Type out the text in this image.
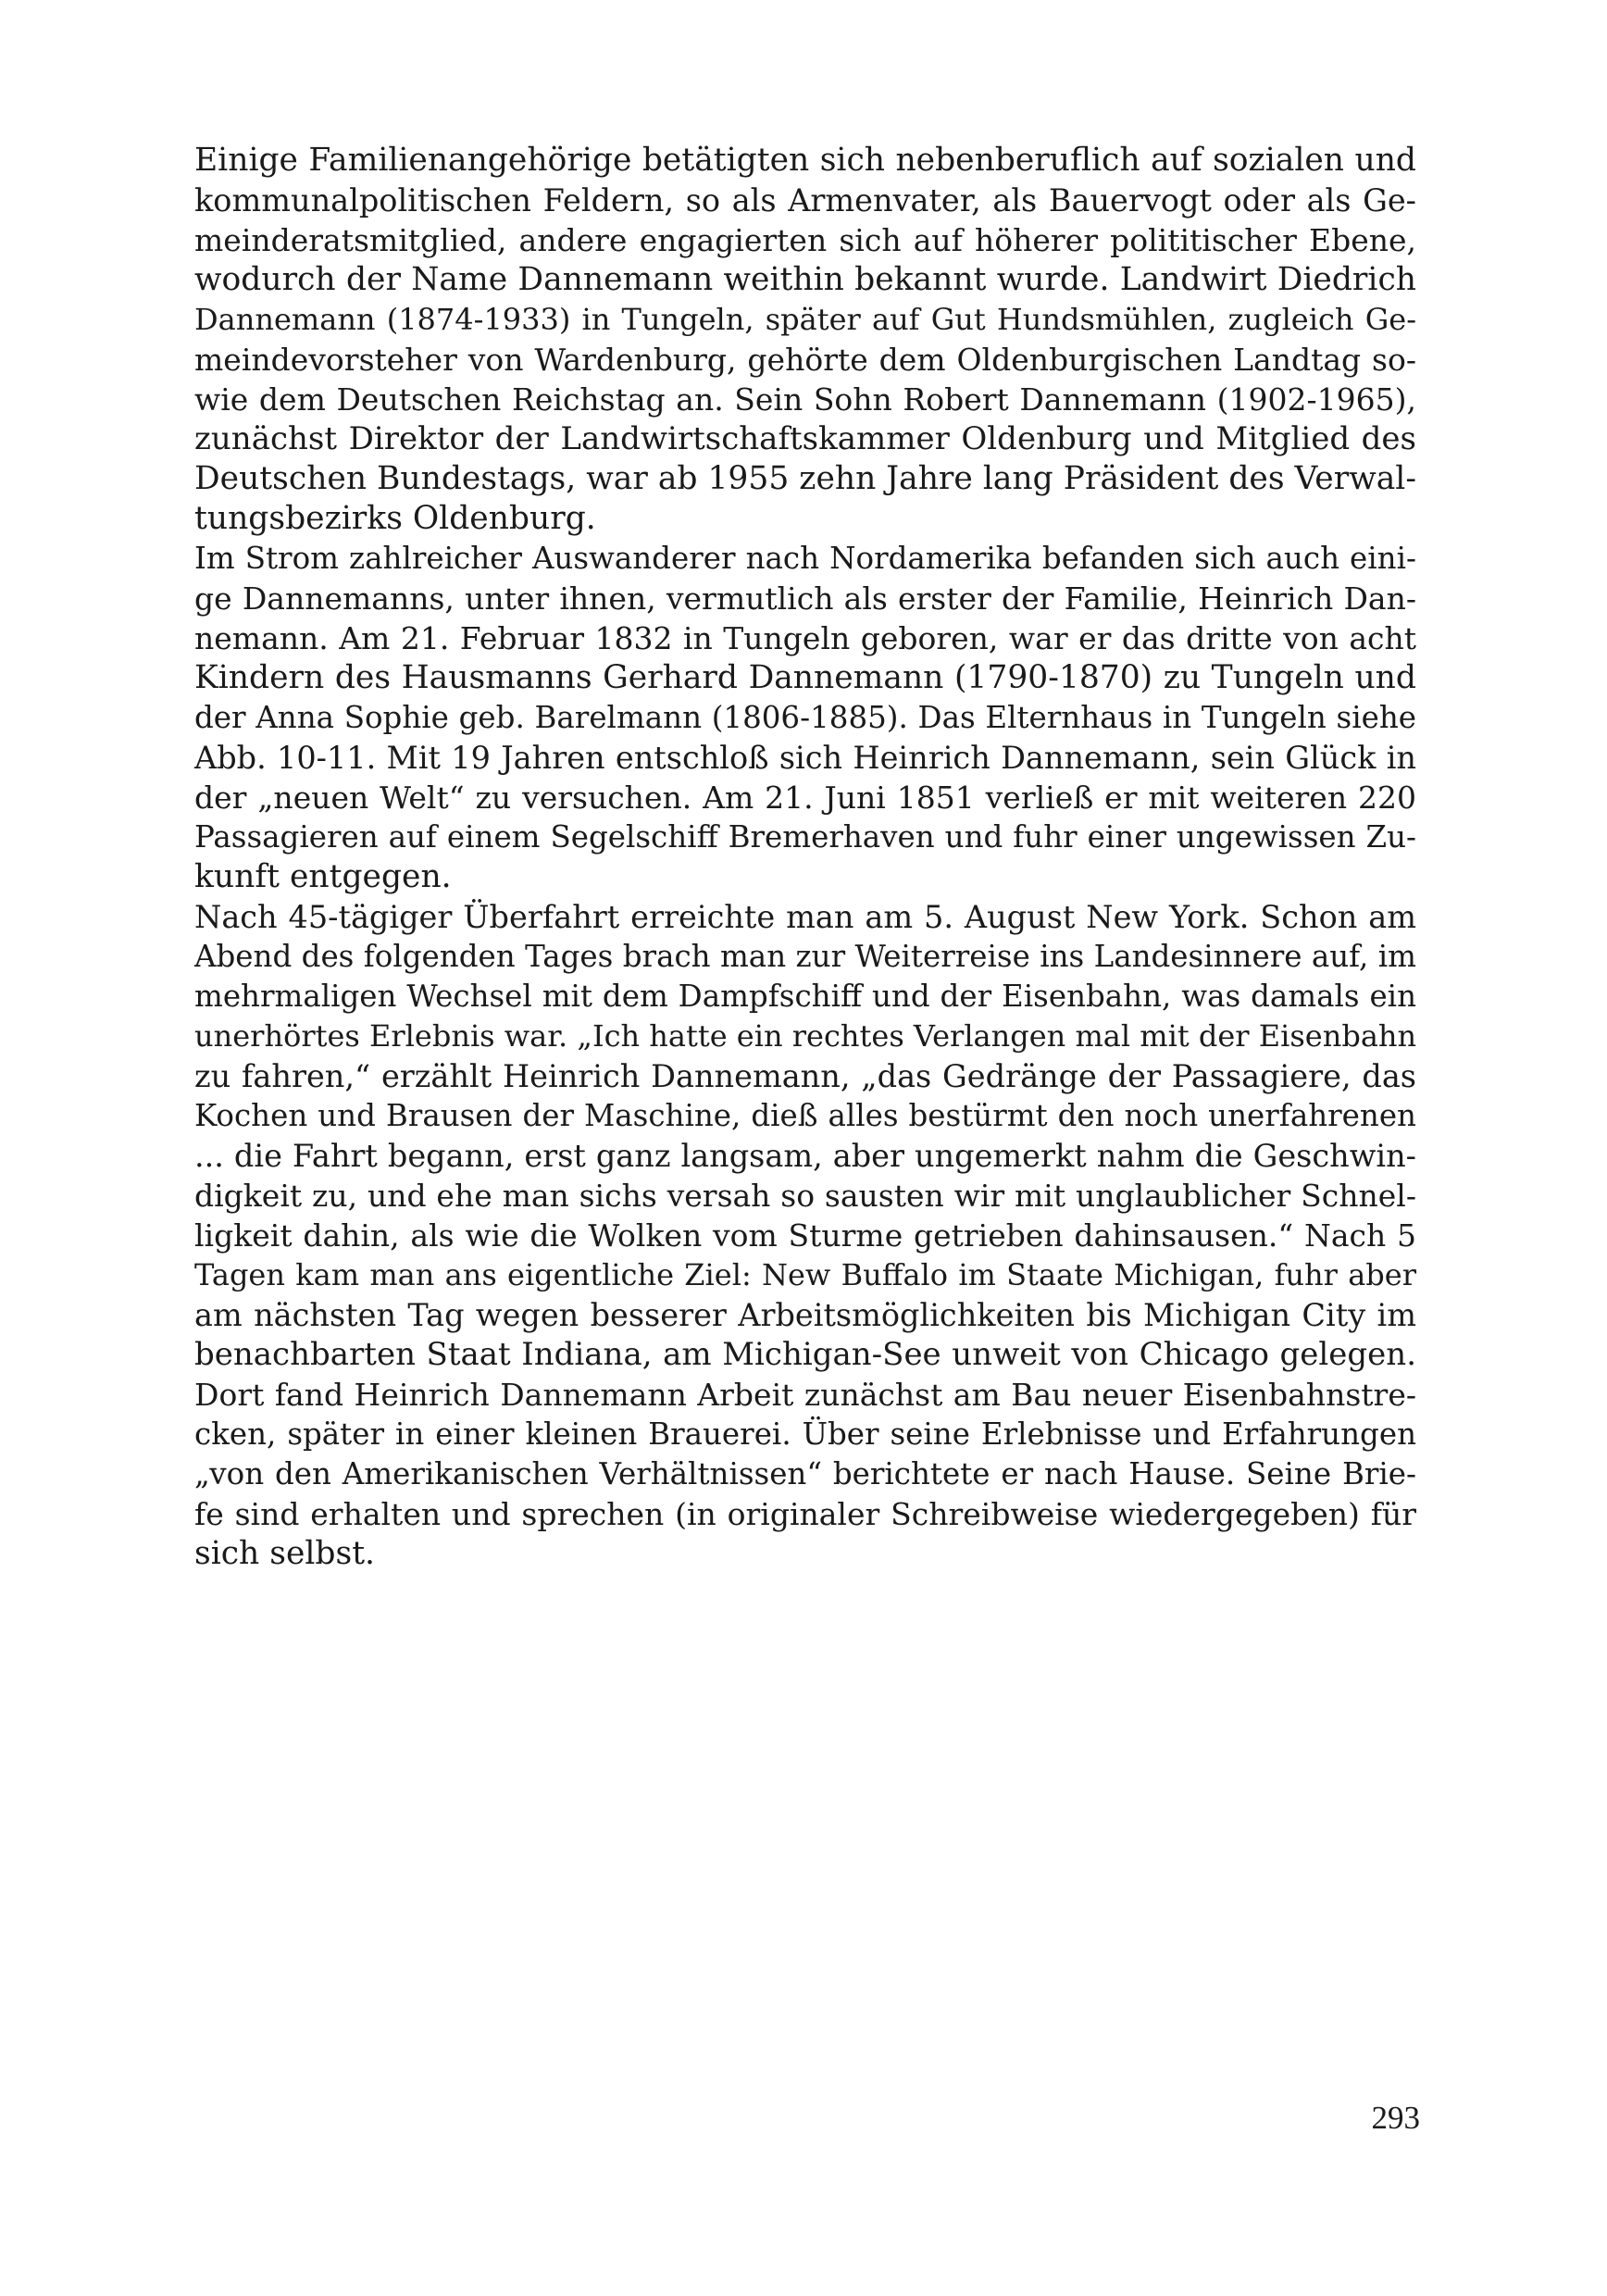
Einige Familienangehörige betätigten sich nebenberuflich auf sozialen und
kommunalpolitischen Feldern, so als Armenvater, als Bauervogt oder als Ge-
meinderatsmitglied, andere engagierten sich auf höherer polititischer Ebene,
wodurch der Name Dannemann weithin bekannt wurde. Landwirt Diedrich
Dannemann (1874-1933) in Tungeln, später auf Gut Hundsmühlen, zugleich Ge-
meindevorsteher von Wardenburg, gehörte dem Oldenburgischen Landtag so-
wie dem Deutschen Reichstag an. Sein Sohn Robert Dannemann (1902-1965),
zunächst Direktor der Landwirtschaftskammer Oldenburg und Mitglied des
Deutschen Bundestags, war ab 1955 zehn Jahre lang Präsident des Verwal-
tungsbezirks Oldenburg.
Im Strom zahlreicher Auswanderer nach Nordamerika befanden sich auch eini-
ge Dannemanns, unter ihnen, vermutlich als erster der Familie, Heinrich Dan-
nemann. Am 21. Februar 1832 in Tungeln geboren, war er das dritte von acht
Kindern des Hausmanns Gerhard Dannemann (1790-1870) zu Tungeln und
der Anna Sophie geb. Barelmann (1806-1885). Das Elternhaus in Tungeln siehe
Abb. 10-11. Mit 19 Jahren entschloß sich Heinrich Dannemann, sein Glück in
der „neuen Welt“ zu versuchen. Am 21. Juni 1851 verließ er mit weiteren 220
Passagieren auf einem Segelschiff Bremerhaven und fuhr einer ungewissen Zu-
kunft entgegen.
Nach 45-tägiger Überfahrt erreichte man am 5. August New York. Schon am
Abend des folgenden Tages brach man zur Weiterreise ins Landesinnere auf, im
mehrmaligen Wechsel mit dem Dampfschiff und der Eisenbahn, was damals ein
unerhörtes Erlebnis war. „Ich hatte ein rechtes Verlangen mal mit der Eisenbahn
zu fahren,“ erzählt Heinrich Dannemann, „das Gedränge der Passagiere, das
Kochen und Brausen der Maschine, dieß alles bestürmt den noch unerfahrenen
... die Fahrt begann, erst ganz langsam, aber ungemerkt nahm die Geschwin-
digkeit zu, und ehe man sichs versah so sausten wir mit unglaublicher Schnel-
ligkeit dahin, als wie die Wolken vom Sturme getrieben dahinsausen.“ Nach 5
Tagen kam man ans eigentliche Ziel: New Buffalo im Staate Michigan, fuhr aber
am nächsten Tag wegen besserer Arbeitsmöglichkeiten bis Michigan City im
benachbarten Staat Indiana, am Michigan-See unweit von Chicago gelegen.
Dort fand Heinrich Dannemann Arbeit zunächst am Bau neuer Eisenbahnstre-
cken, später in einer kleinen Brauerei. Über seine Erlebnisse und Erfahrungen
„von den Amerikanischen Verhältnissen“ berichtete er nach Hause. Seine Brie-
fe sind erhalten und sprechen (in originaler Schreibweise wiedergegeben) für
sich selbst.
293
